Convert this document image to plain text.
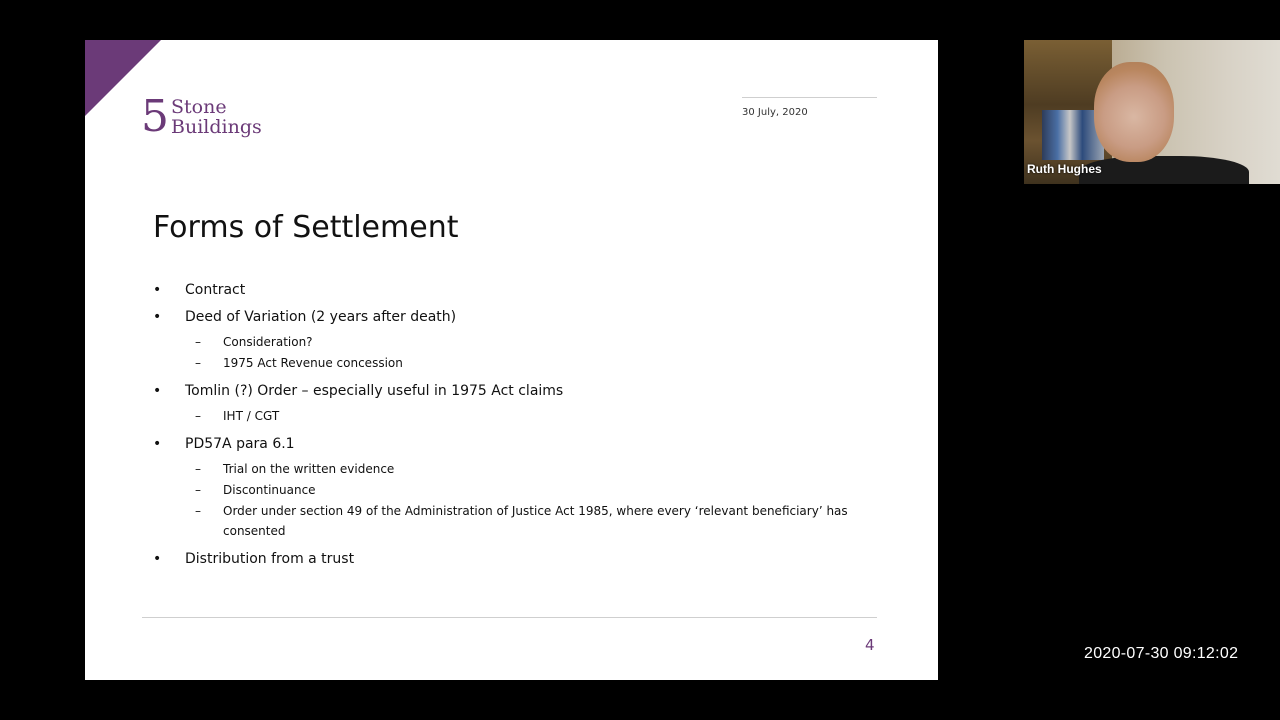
5 Stone
Buildings
30 July, 2020
Forms of Settlement
• Contract
• Deed of Variation (2 years after death)
– Consideration?
– 1975 Act Revenue concession
• Tomlin (?) Order – especially useful in 1975 Act claims
– IHT / CGT
• PD57A para 6.1
– Trial on the written evidence
– Discontinuance
– Order under section 49 of the Administration of Justice Act 1985, where every ‘relevant beneficiary’ has consented
• Distribution from a trust
4
Ruth Hughes
2020-07-30 09:12:02
